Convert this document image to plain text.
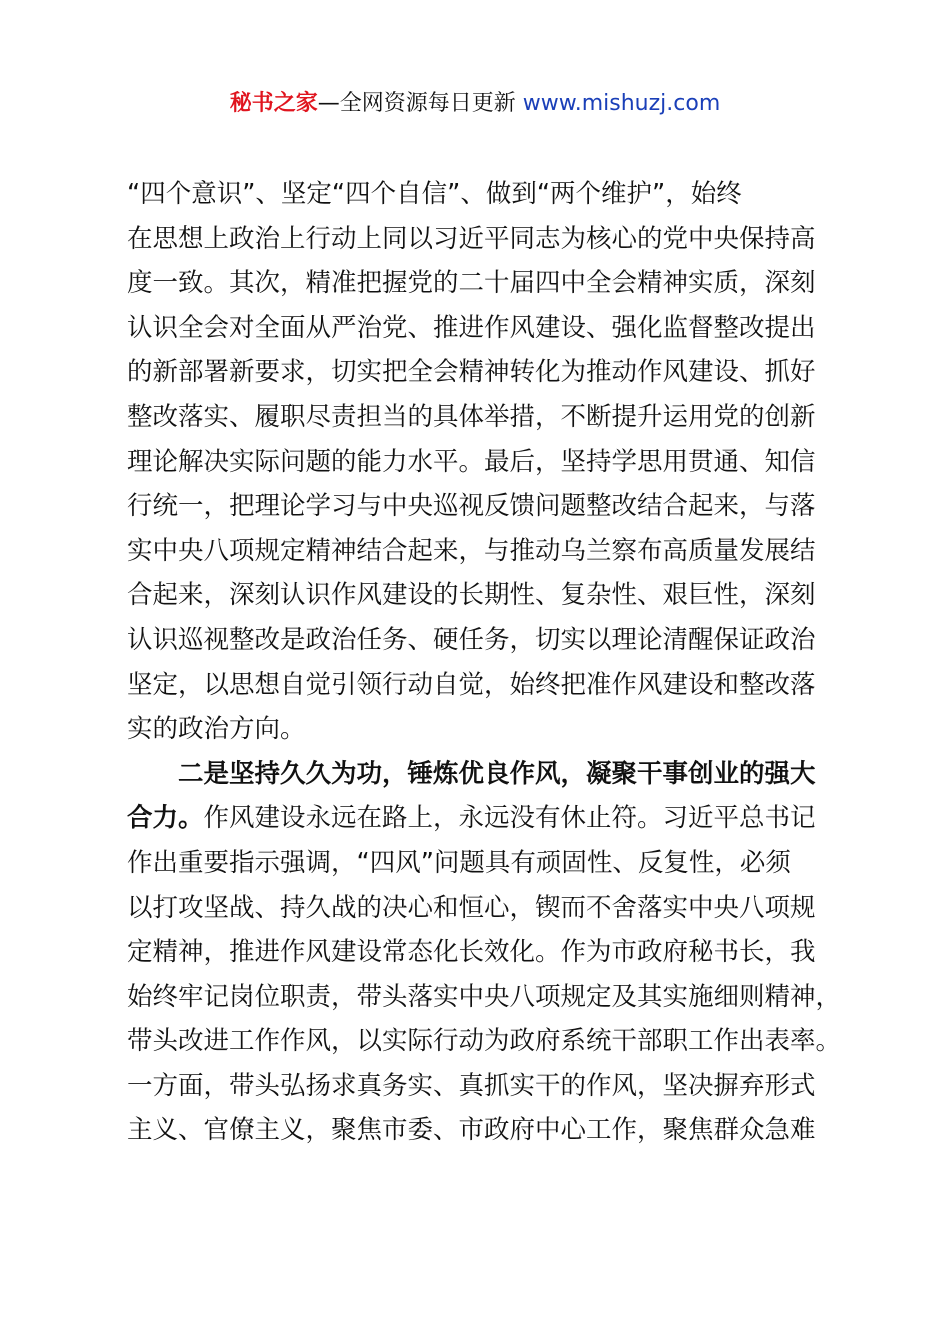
秘书之家—全网资源每日更新 www.mishuzj.com
“四个意识”、坚定“四个自信”、做到“两个维护”，始终
在思想上政治上行动上同以习近平同志为核心的党中央保持高
度一致。其次，精准把握党的二十届四中全会精神实质，深刻
认识全会对全面从严治党、推进作风建设、强化监督整改提出
的新部署新要求，切实把全会精神转化为推动作风建设、抓好
整改落实、履职尽责担当的具体举措，不断提升运用党的创新
理论解决实际问题的能力水平。最后，坚持学思用贯通、知信
行统一，把理论学习与中央巡视反馈问题整改结合起来，与落
实中央八项规定精神结合起来，与推动乌兰察布高质量发展结
合起来，深刻认识作风建设的长期性、复杂性、艰巨性，深刻
认识巡视整改是政治任务、硬任务，切实以理论清醒保证政治
坚定，以思想自觉引领行动自觉，始终把准作风建设和整改落
实的政治方向。
二是坚持久久为功，锤炼优良作风，凝聚干事创业的强大
合力。作风建设永远在路上，永远没有休止符。习近平总书记
作出重要指示强调，“四风”问题具有顽固性、反复性，必须
以打攻坚战、持久战的决心和恒心，锲而不舍落实中央八项规
定精神，推进作风建设常态化长效化。作为市政府秘书长，我
始终牢记岗位职责，带头落实中央八项规定及其实施细则精神，
带头改进工作作风，以实际行动为政府系统干部职工作出表率。
一方面，带头弘扬求真务实、真抓实干的作风，坚决摒弃形式
主义、官僚主义，聚焦市委、市政府中心工作，聚焦群众急难
